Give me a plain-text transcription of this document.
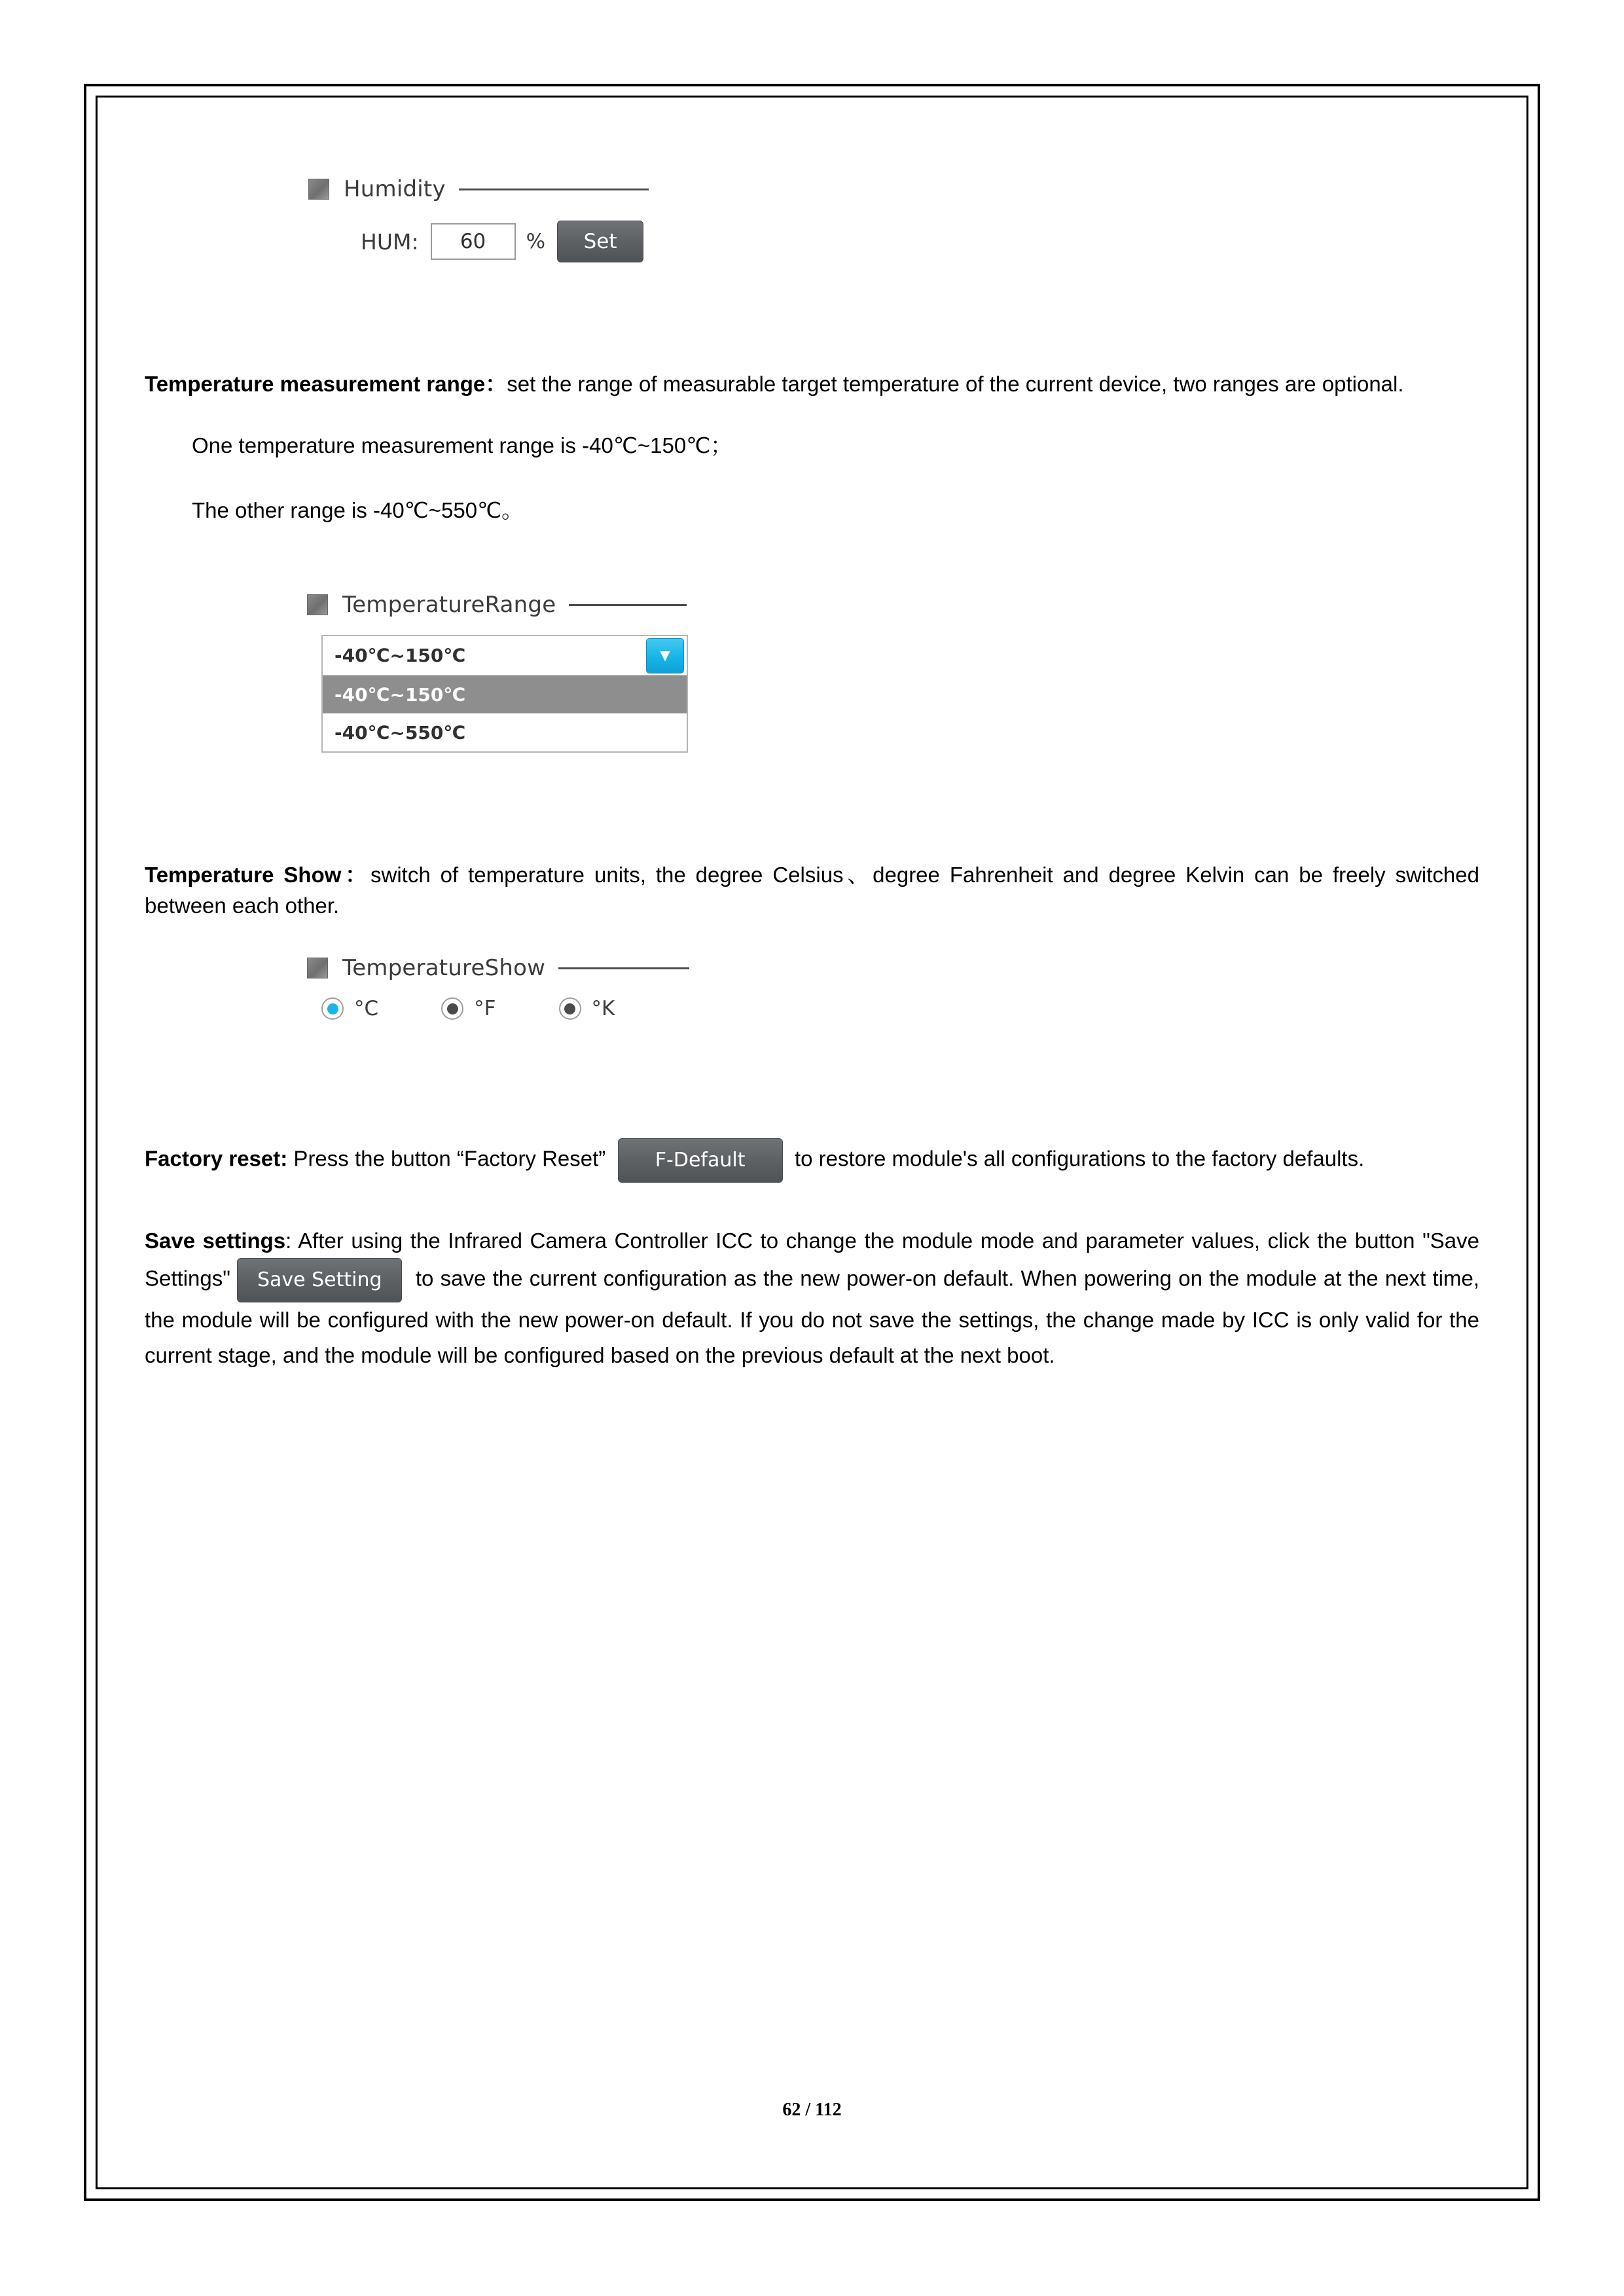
Humidity
HUM:	60	%	Set

Temperature measurement range：set the range of measurable target temperature of the current device, two ranges are optional.

One temperature measurement range is -40℃~150℃；

The other range is -40℃~550℃。

TemperatureRange
-40℃~150℃	▼
-40℃~150℃
-40℃~550℃

Temperature Show：switch of temperature units, the degree Celsius、degree Fahrenheit and degree Kelvin can be freely switched between each other.

TemperatureShow
°C	°F	°K

Factory reset: Press the button “Factory Reset”	F-Default to restore module's all configurations to the factory defaults.

Save settings: After using the Infrared Camera Controller ICC to change the module mode and parameter values, click the button "Save Settings" Save Setting to save the current configuration as the new power-on default. When powering on the module at the next time, the module will be configured with the new power-on default. If you do not save the settings, the change made by ICC is only valid for the current stage, and the module will be configured based on the previous default at the next boot.

62 / 112
